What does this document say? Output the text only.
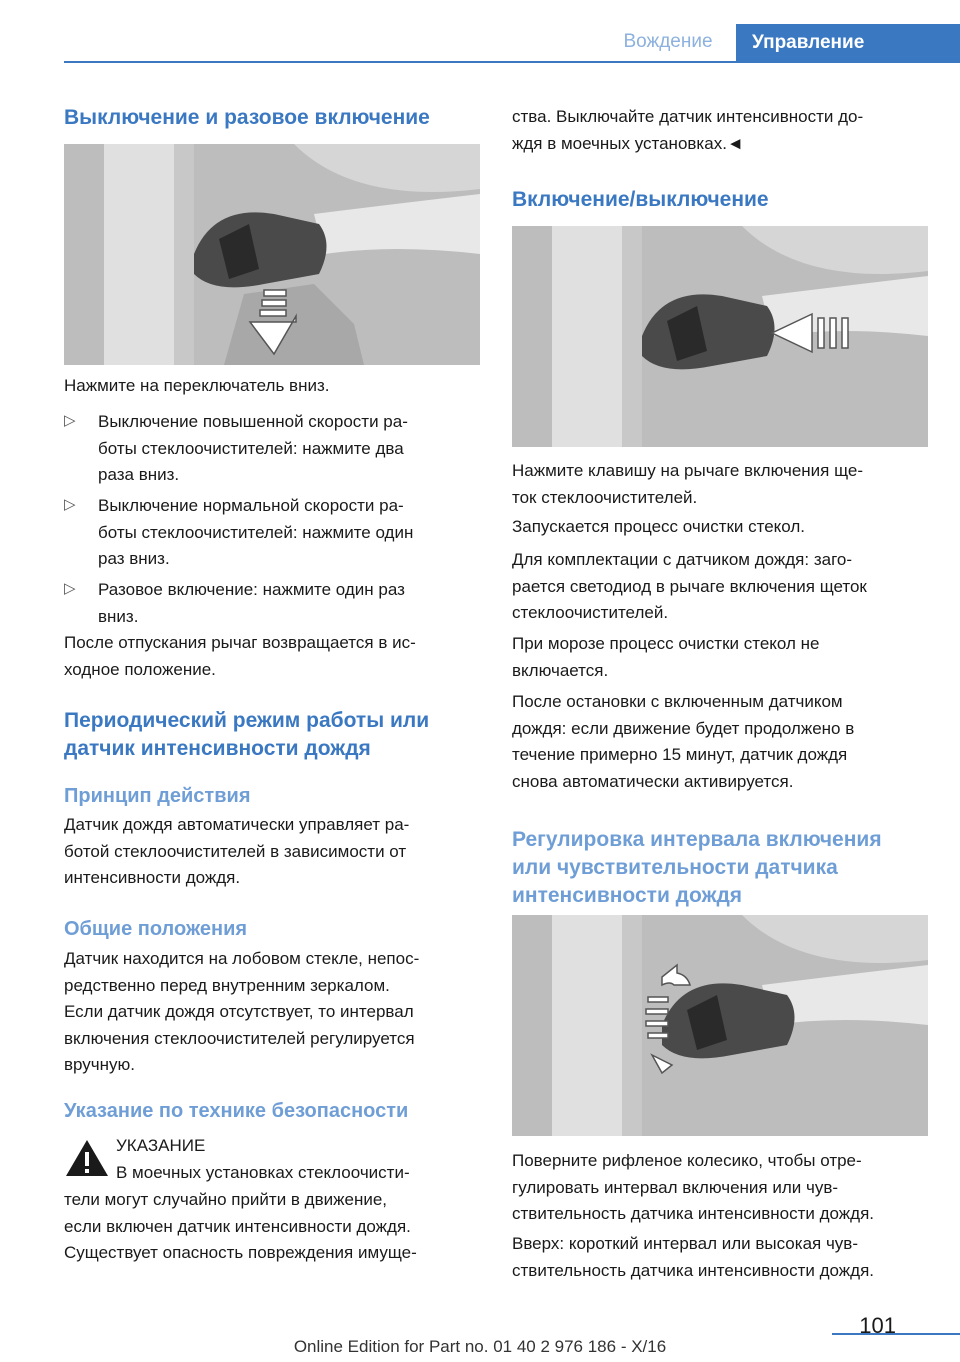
Вождение	Управление
Выключение и разовое включение

Нажмите на переключатель вниз.

▷	Выключение повышенной скорости ра-
боты стеклоочистителей: нажмите два
раза вниз.

▷	Выключение нормальной скорости ра-
боты стеклоочистителей: нажмите один
раз вниз.

▷	Разовое включение: нажмите один раз
вниз.

После отпускания рычаг возвращается в ис-
ходное положение.

Периодический режим работы или
датчик интенсивности дождя
Принцип действия

Датчик дождя автоматически управляет ра-
ботой стеклоочистителей в зависимости от
интенсивности дождя.

Общие положения

Датчик находится на лобовом стекле, непос-
редственно перед внутренним зеркалом.
Если датчик дождя отсутствует, то интервал
включения стеклоочистителей регулируется
вручную.

Указание по технике безопасности

УКАЗАНИЕ

В моечных установках стеклоочисти-

тели могут случайно прийти в движение,
если включен датчик интенсивности дождя.
Существует опасность повреждения имуще-

ства. Выключайте датчик интенсивности до-
ждя в моечных установках.◄

Включение/выключение

Нажмите клавишу на рычаге включения ще-
ток стеклоочистителей.

Запускается процесс очистки стекол.

Для комплектации с датчиком дождя: заго-
рается светодиод в рычаге включения щеток
стеклоочистителей.

При морозе процесс очистки стекол не
включается.

После остановки с включенным датчиком
дождя: если движение будет продолжено в
течение примерно 15 минут, датчик дождя
снова автоматически активируется.

Регулировка интервала включения
или чувствительности датчика
интенсивности дождя

Поверните рифленое колесико, чтобы отре-
гулировать интервал включения или чув-
ствительность датчика интенсивности дождя.

Вверх: короткий интервал или высокая чув-
ствительность датчика интенсивности дождя.

101
Online Edition for Part no. 01 40 2 976 186 - X/16
